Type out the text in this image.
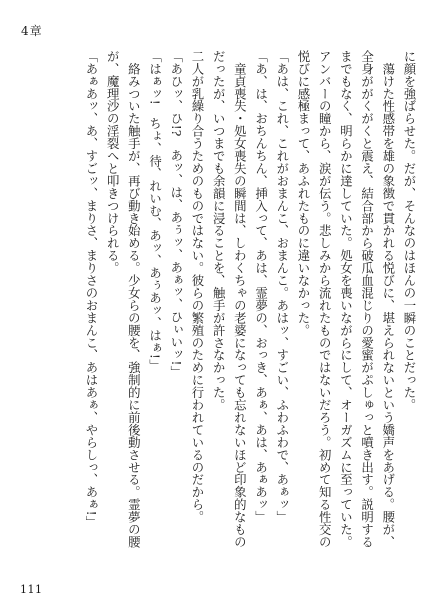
4章
に顔を強ばらせた。だが、そんなのはほんの一瞬のことだった。
　蕩けた性感帯を雄の象徴で貫かれる悦びに、堪えられないという嬌声をあげる。腰が、
全身ががくがくと震え、結合部から破瓜血混じりの愛蜜がぷしゅっと噴き出す。説明する
までもなく、明らかに達していた。処女を喪いながらにして、オーガズムに至っていた。
アンバーの瞳から、涙が伝う。悲しみから流れたものではないだろう。初めて知る性交の
悦びに感極まって、あふれたものに違いなかった。
「あは、これ、これがおまんこ、おまんこ。あはッ、すごい、ふわふわで、あぁッ」
「あ、は、おちんちん、挿入って、あは、霊夢の、おっき、あぁ、あは、あぁあッ」
　童貞喪失・処女喪失の瞬間は、しわくちゃの老婆になっても忘れないほど印象的なもの
だったが、いつまでも余韻に浸ることを、触手が許さなかった。
二人が乳繰り合うためのものではない。彼らの繁殖のために行われているのだから。
「あひッ、ひ!?　あッ、は、あぅッ、あぁッ、ひぃいッ!」
「はぁッ!　ちょ、待、れいむ、あッ、あぅあッ、はぁ!」
　絡みついた触手が、再び動き始める。少女らの腰を、強制的に前後動させる。霊夢の腰
が、魔理沙の淫裂へと叩きつけられる。
「あぁあッ、あ、すごッ、まりさ、まりさのおまんこ、あはあぁ、やらしっ、あぁ!」
111
